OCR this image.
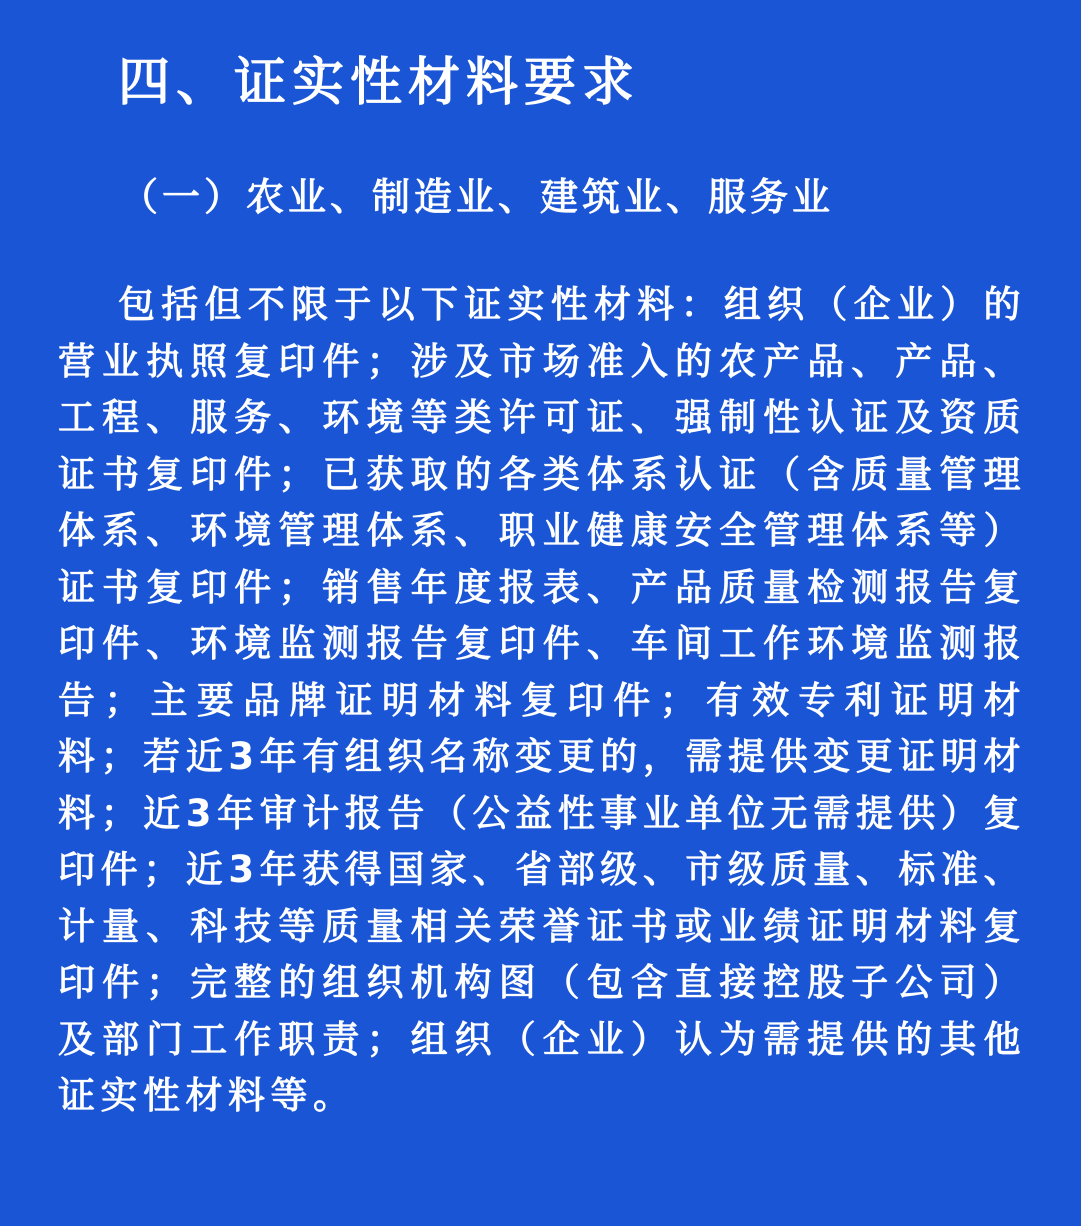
四、证实性材料要求
（一）农业、制造业、建筑业、服务业

包括但不限于以下证实性材料：组织（企业）的营业执照复印件；涉及市场准入的农产品、产品、工程、服务、环境等类许可证、强制性认证及资质证书复印件；已获取的各类体系认证（含质量管理体系、环境管理体系、职业健康安全管理体系等）证书复印件；销售年度报表、产品质量检测报告复印件、环境监测报告复印件、车间工作环境监测报告；主要品牌证明材料复印件；有效专利证明材料；若近3年有组织名称变更的，需提供变更证明材料；近3年审计报告（公益性事业单位无需提供）复印件；近3年获得国家、省部级、市级质量、标准、计量、科技等质量相关荣誉证书或业绩证明材料复印件；完整的组织机构图（包含直接控股子公司）及部门工作职责；组织（企业）认为需提供的其他证实性材料等。
